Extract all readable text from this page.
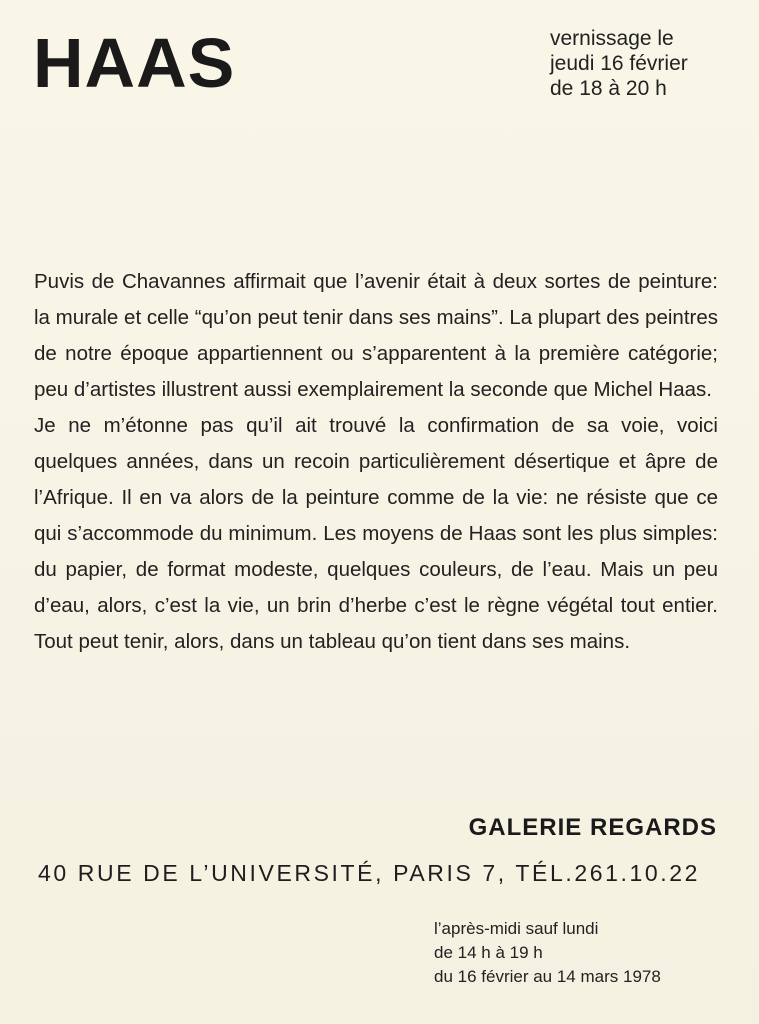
HAAS	vernissage le
jeudi 16 février
de 18 à 20 h

Puvis de Chavannes affirmait que l’avenir était à deux sortes de peinture: la murale et celle “qu’on peut tenir dans ses mains”. La plupart des peintres de notre époque appartiennent ou s’apparentent à la première catégorie; peu d’artistes illustrent aussi exemplairement la seconde que Michel Haas.

Je ne m’étonne pas qu’il ait trouvé la confirmation de sa voie, voici quelques années, dans un recoin particulièrement désertique et âpre de l’Afrique. Il en va alors de la peinture comme de la vie: ne résiste que ce qui s’accommode du minimum. Les moyens de Haas sont les plus simples: du papier, de format modeste, quelques couleurs, de l’eau. Mais un peu d’eau, alors, c’est la vie, un brin d’herbe c’est le règne végétal tout entier. Tout peut tenir, alors, dans un tableau qu’on tient dans ses mains.

GALERIE REGARDS
40 RUE DE L’UNIVERSITÉ, PARIS 7, TÉL.261.10.22
l’après-midi sauf lundi
de 14 h à 19 h
du 16 février au 14 mars 1978
